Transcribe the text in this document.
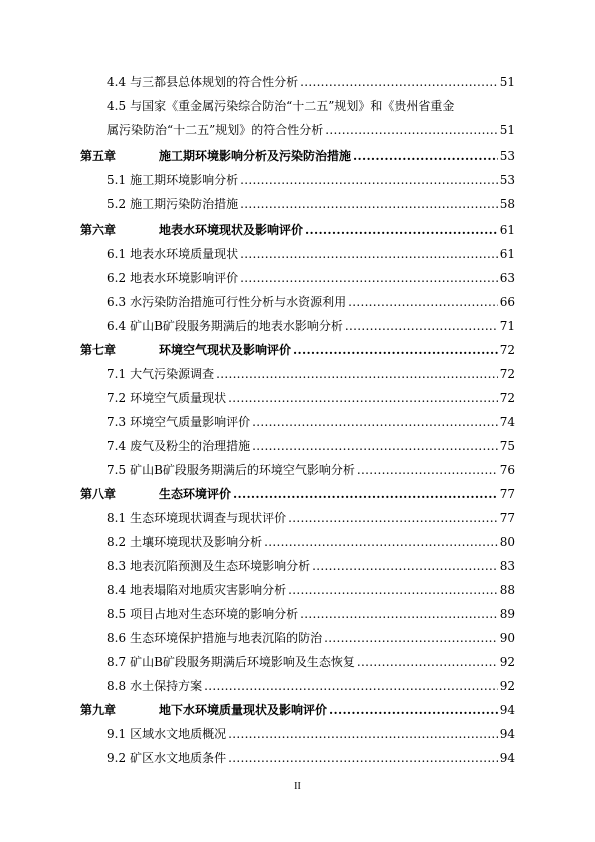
4.4 与三都县总体规划的符合性分析 .....	51
4.5 与国家《重金属污染综合防治“十二五”规划》和《贵州省重金
属污染防治“十二五”规划》的符合性分析 .....	51
第五章	施工期环境影响分析及污染防治措施 .....	53
5.1 施工期环境影响分析 .....	53
5.2 施工期污染防治措施 .....	58
第六章	地表水环境现状及影响评价 .....	61
6.1 地表水环境质量现状 .....	61
6.2 地表水环境影响评价 .....	63
6.3 水污染防治措施可行性分析与水资源利用 .....	66
6.4 矿山B矿段服务期满后的地表水影响分析 .....	71
第七章	环境空气现状及影响评价 .....	72
7.1 大气污染源调查 .....	72
7.2 环境空气质量现状 .....	72
7.3 环境空气质量影响评价 .....	74
7.4 废气及粉尘的治理措施 .....	75
7.5 矿山B矿段服务期满后的环境空气影响分析 .....	76
第八章	生态环境评价 .....	77
8.1 生态环境现状调查与现状评价 .....	77
8.2 土壤环境现状及影响分析 .....	80
8.3 地表沉陷预测及生态环境影响分析 .....	83
8.4 地表塌陷对地质灾害影响分析 .....	88
8.5 项目占地对生态环境的影响分析 .....	89
8.6 生态环境保护措施与地表沉陷的防治 .....	90
8.7 矿山B矿段服务期满后环境影响及生态恢复 .....	92
8.8 水土保持方案 .....	92
第九章	地下水环境质量现状及影响评价 .....	94
9.1 区域水文地质概况 .....	94
9.2 矿区水文地质条件 .....	94
II
